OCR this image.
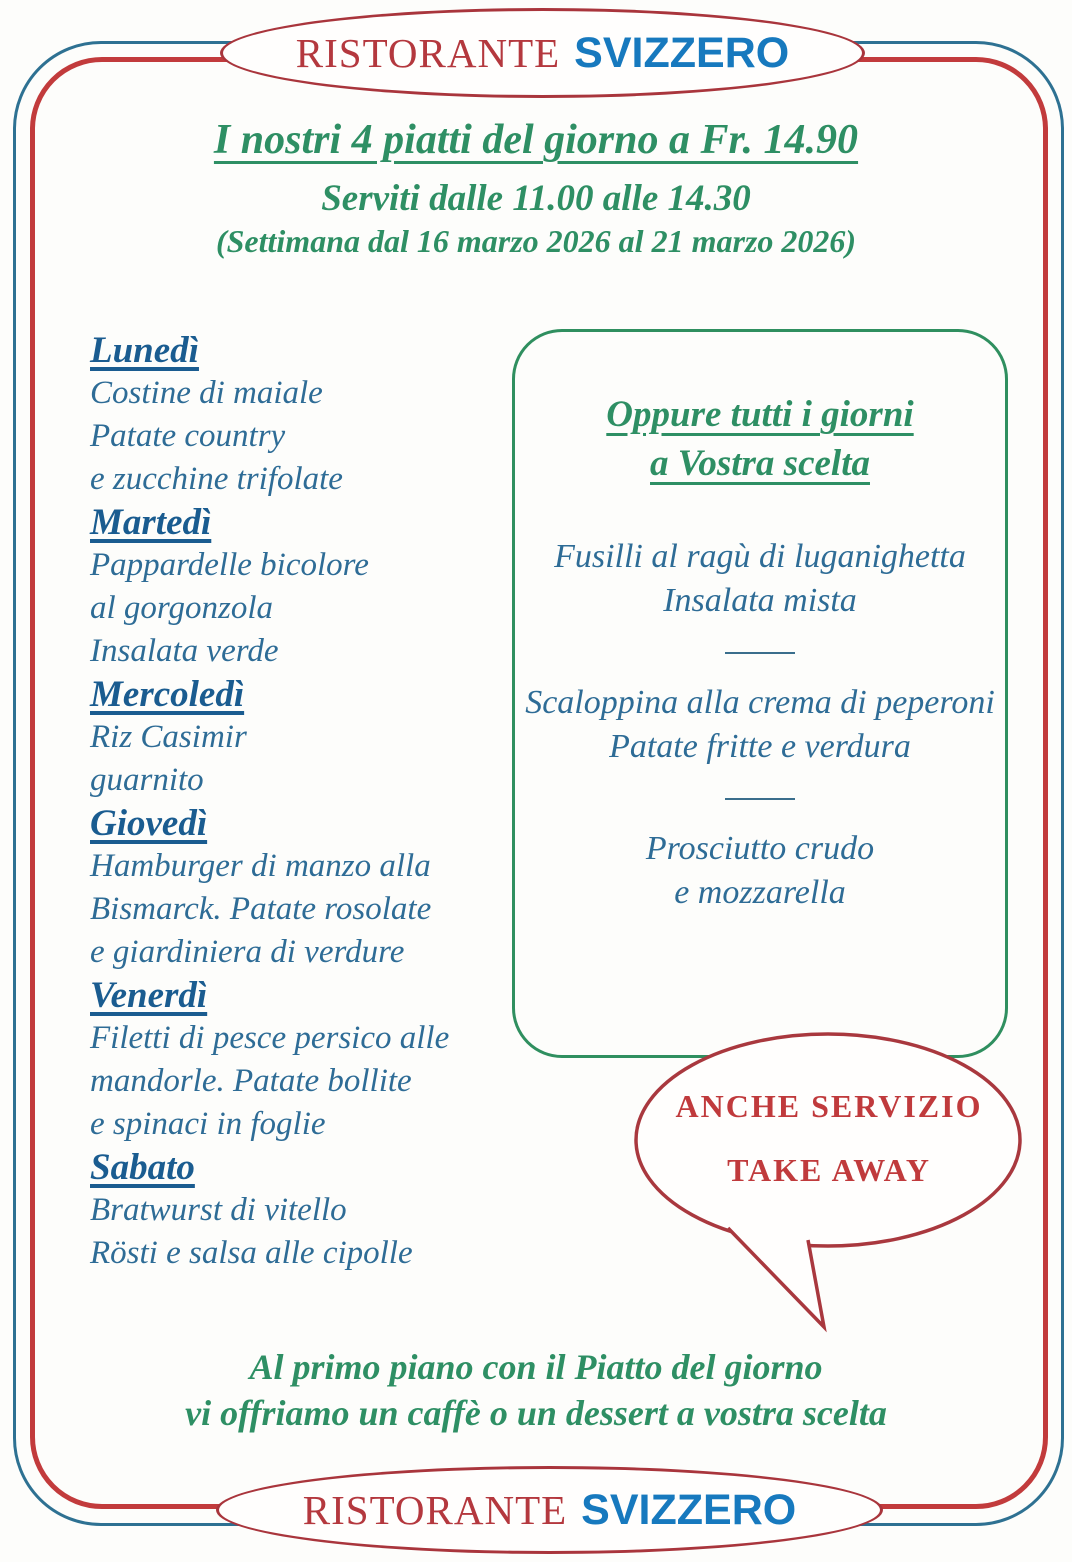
RISTORANTE SVIZZERO
I nostri 4 piatti del giorno a Fr. 14.90
Serviti dalle 11.00 alle 14.30
(Settimana dal 16 marzo 2026 al 21 marzo 2026)
Lunedì
Costine di maiale
Patate country
e zucchine trifolate
Martedì
Pappardelle bicolore
al gorgonzola
Insalata verde
Mercoledì
Riz Casimir
guarnito
Giovedì
Hamburger di manzo alla
Bismarck. Patate rosolate
e giardiniera di verdure
Venerdì
Filetti di pesce persico alle
mandorle. Patate bollite
e spinaci in foglie
Sabato
Bratwurst di vitello
Rösti e salsa alle cipolle
Oppure tutti i giorni
a Vostra scelta
Fusilli al ragù di luganighetta
Insalata mista
Scaloppina alla crema di peperoni
Patate fritte e verdura
Prosciutto crudo
e mozzarella
ANCHE SERVIZIO
TAKE AWAY
Al primo piano con il Piatto del giorno
vi offriamo un caffè o un dessert a vostra scelta
RISTORANTE SVIZZERO
